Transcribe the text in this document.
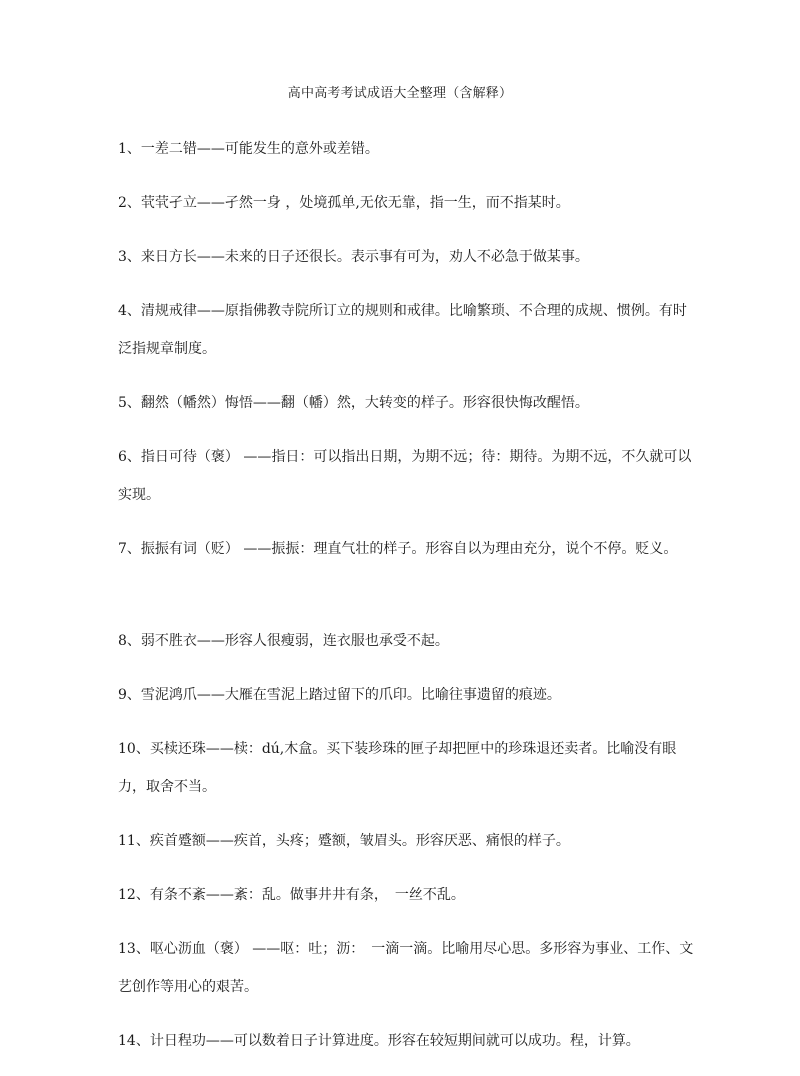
高中高考考试成语大全整理（含解释）

1、一差二错——可能发生的意外或差错。

2、茕茕孑立——孑然一身 ，处境孤单,无依无靠，指一生，而不指某时。

3、来日方长——未来的日子还很长。表示事有可为，劝人不必急于做某事。

4、清规戒律——原指佛教寺院所订立的规则和戒律。比喻繁琐、不合理的成规、惯例。有时泛指规章制度。

5、翻然（幡然）悔悟——翻（幡）然，大转变的样子。形容很快悔改醒悟。

6、指日可待（褒） ——指日：可以指出日期，为期不远；待：期待。为期不远，不久就可以实现。

7、振振有词（贬） ——振振：理直气壮的样子。形容自以为理由充分，说个不停。贬义。

8、弱不胜衣——形容人很瘦弱，连衣服也承受不起。

9、雪泥鸿爪——大雁在雪泥上踏过留下的爪印。比喻往事遗留的痕迹。

10、买椟还珠——椟：dú,木盒。买下装珍珠的匣子却把匣中的珍珠退还卖者。比喻没有眼力，取舍不当。

11、疾首蹙额——疾首，头疼；蹙额，皱眉头。形容厌恶、痛恨的样子。

12、有条不紊——紊：乱。做事井井有条，　一丝不乱。

13、呕心沥血（褒） ——呕：吐；沥：　一滴一滴。比喻用尽心思。多形容为事业、工作、文艺创作等用心的艰苦。

14、计日程功——可以数着日子计算进度。形容在较短期间就可以成功。程，计算。
